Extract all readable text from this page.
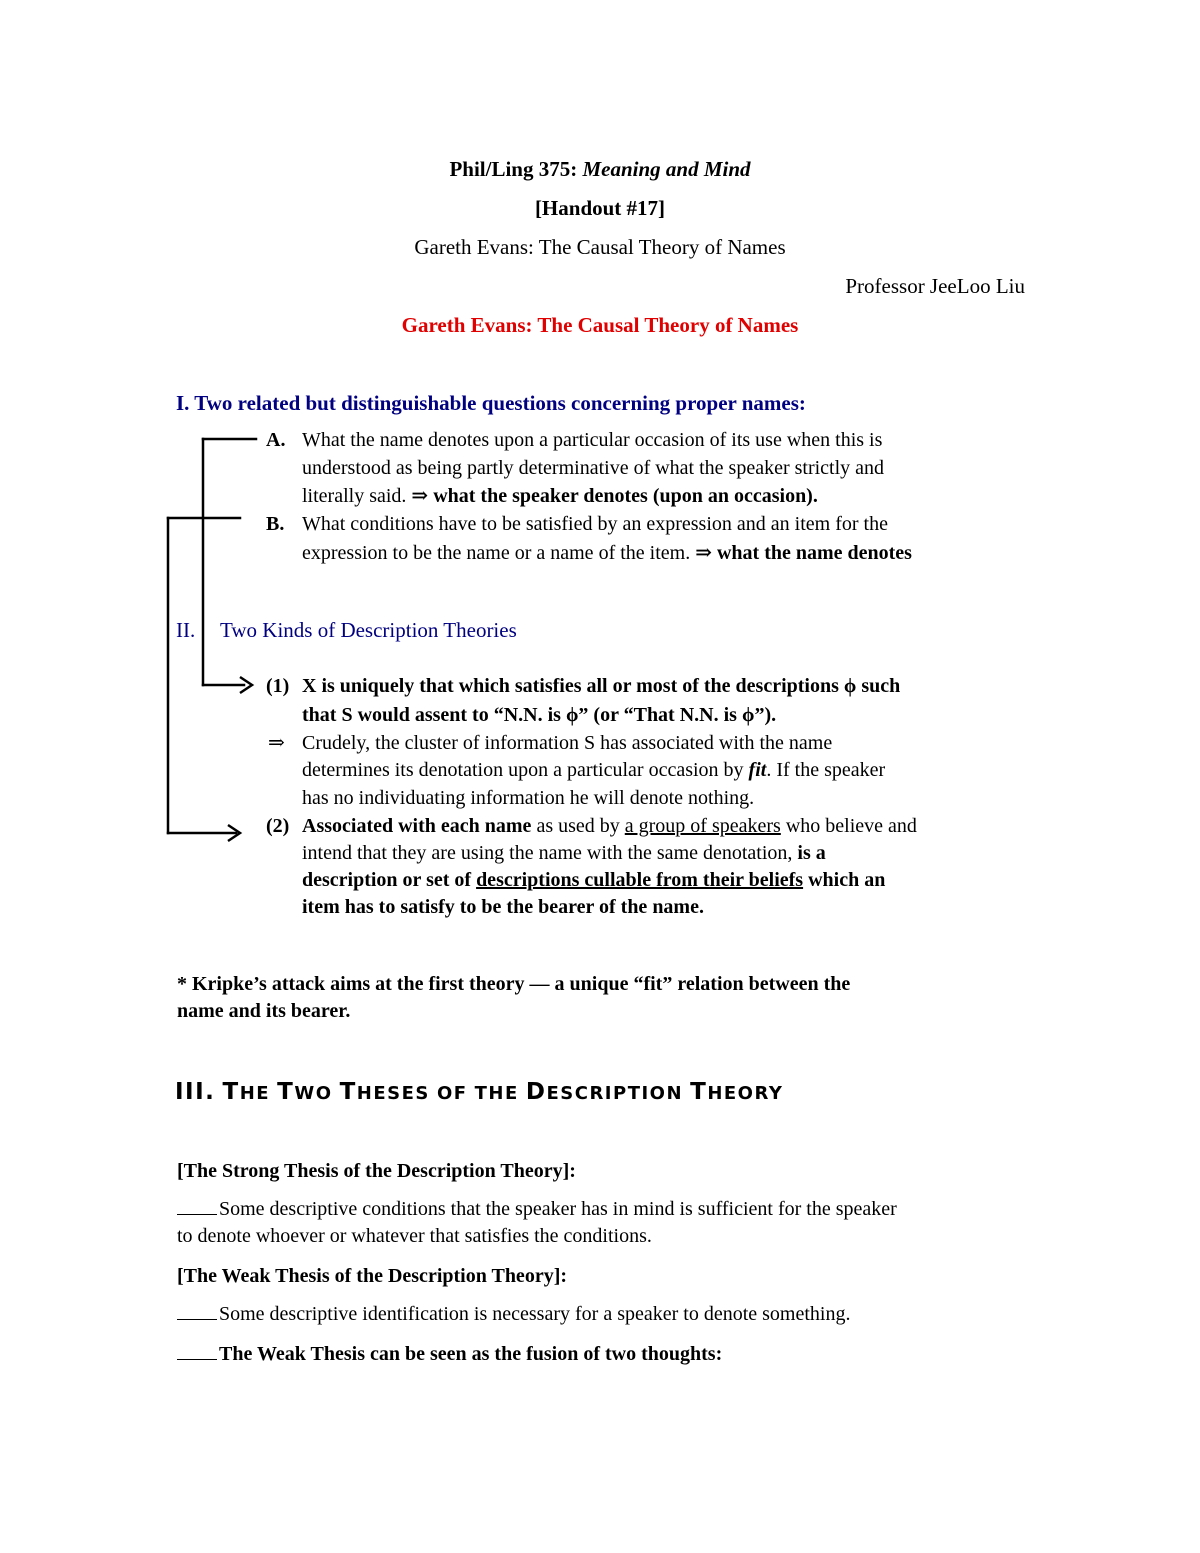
Phil/Ling 375: Meaning and Mind
[Handout #17]
Gareth Evans: The Causal Theory of Names
Professor JeeLoo Liu
Gareth Evans: The Causal Theory of Names
I. Two related but distinguishable questions concerning proper names:
A. What the name denotes upon a particular occasion of its use when this is
understood as being partly determinative of what the speaker strictly and
literally said. ⇒ what the speaker denotes (upon an occasion).
B. What conditions have to be satisfied by an expression and an item for the
expression to be the name or a name of the item. ⇒ what the name denotes
II. Two Kinds of Description Theories
(1) X is uniquely that which satisfies all or most of the descriptions ϕ such
that S would assent to “N.N. is ϕ” (or “That N.N. is ϕ”).
⇒ Crudely, the cluster of information S has associated with the name
determines its denotation upon a particular occasion by fit. If the speaker
has no individuating information he will denote nothing.
(2) Associated with each name as used by a group of speakers who believe and
intend that they are using the name with the same denotation, is a
description or set of descriptions cullable from their beliefs which an
item has to satisfy to be the bearer of the name.
* Kripke’s attack aims at the first theory — a unique “fit” relation between the
name and its bearer.
III. THE TWO THESES OF THE DESCRIPTION THEORY
[The Strong Thesis of the Description Theory]:
Some descriptive conditions that the speaker has in mind is sufficient for the speaker
to denote whoever or whatever that satisfies the conditions.
[The Weak Thesis of the Description Theory]:
Some descriptive identification is necessary for a speaker to denote something.
The Weak Thesis can be seen as the fusion of two thoughts:
